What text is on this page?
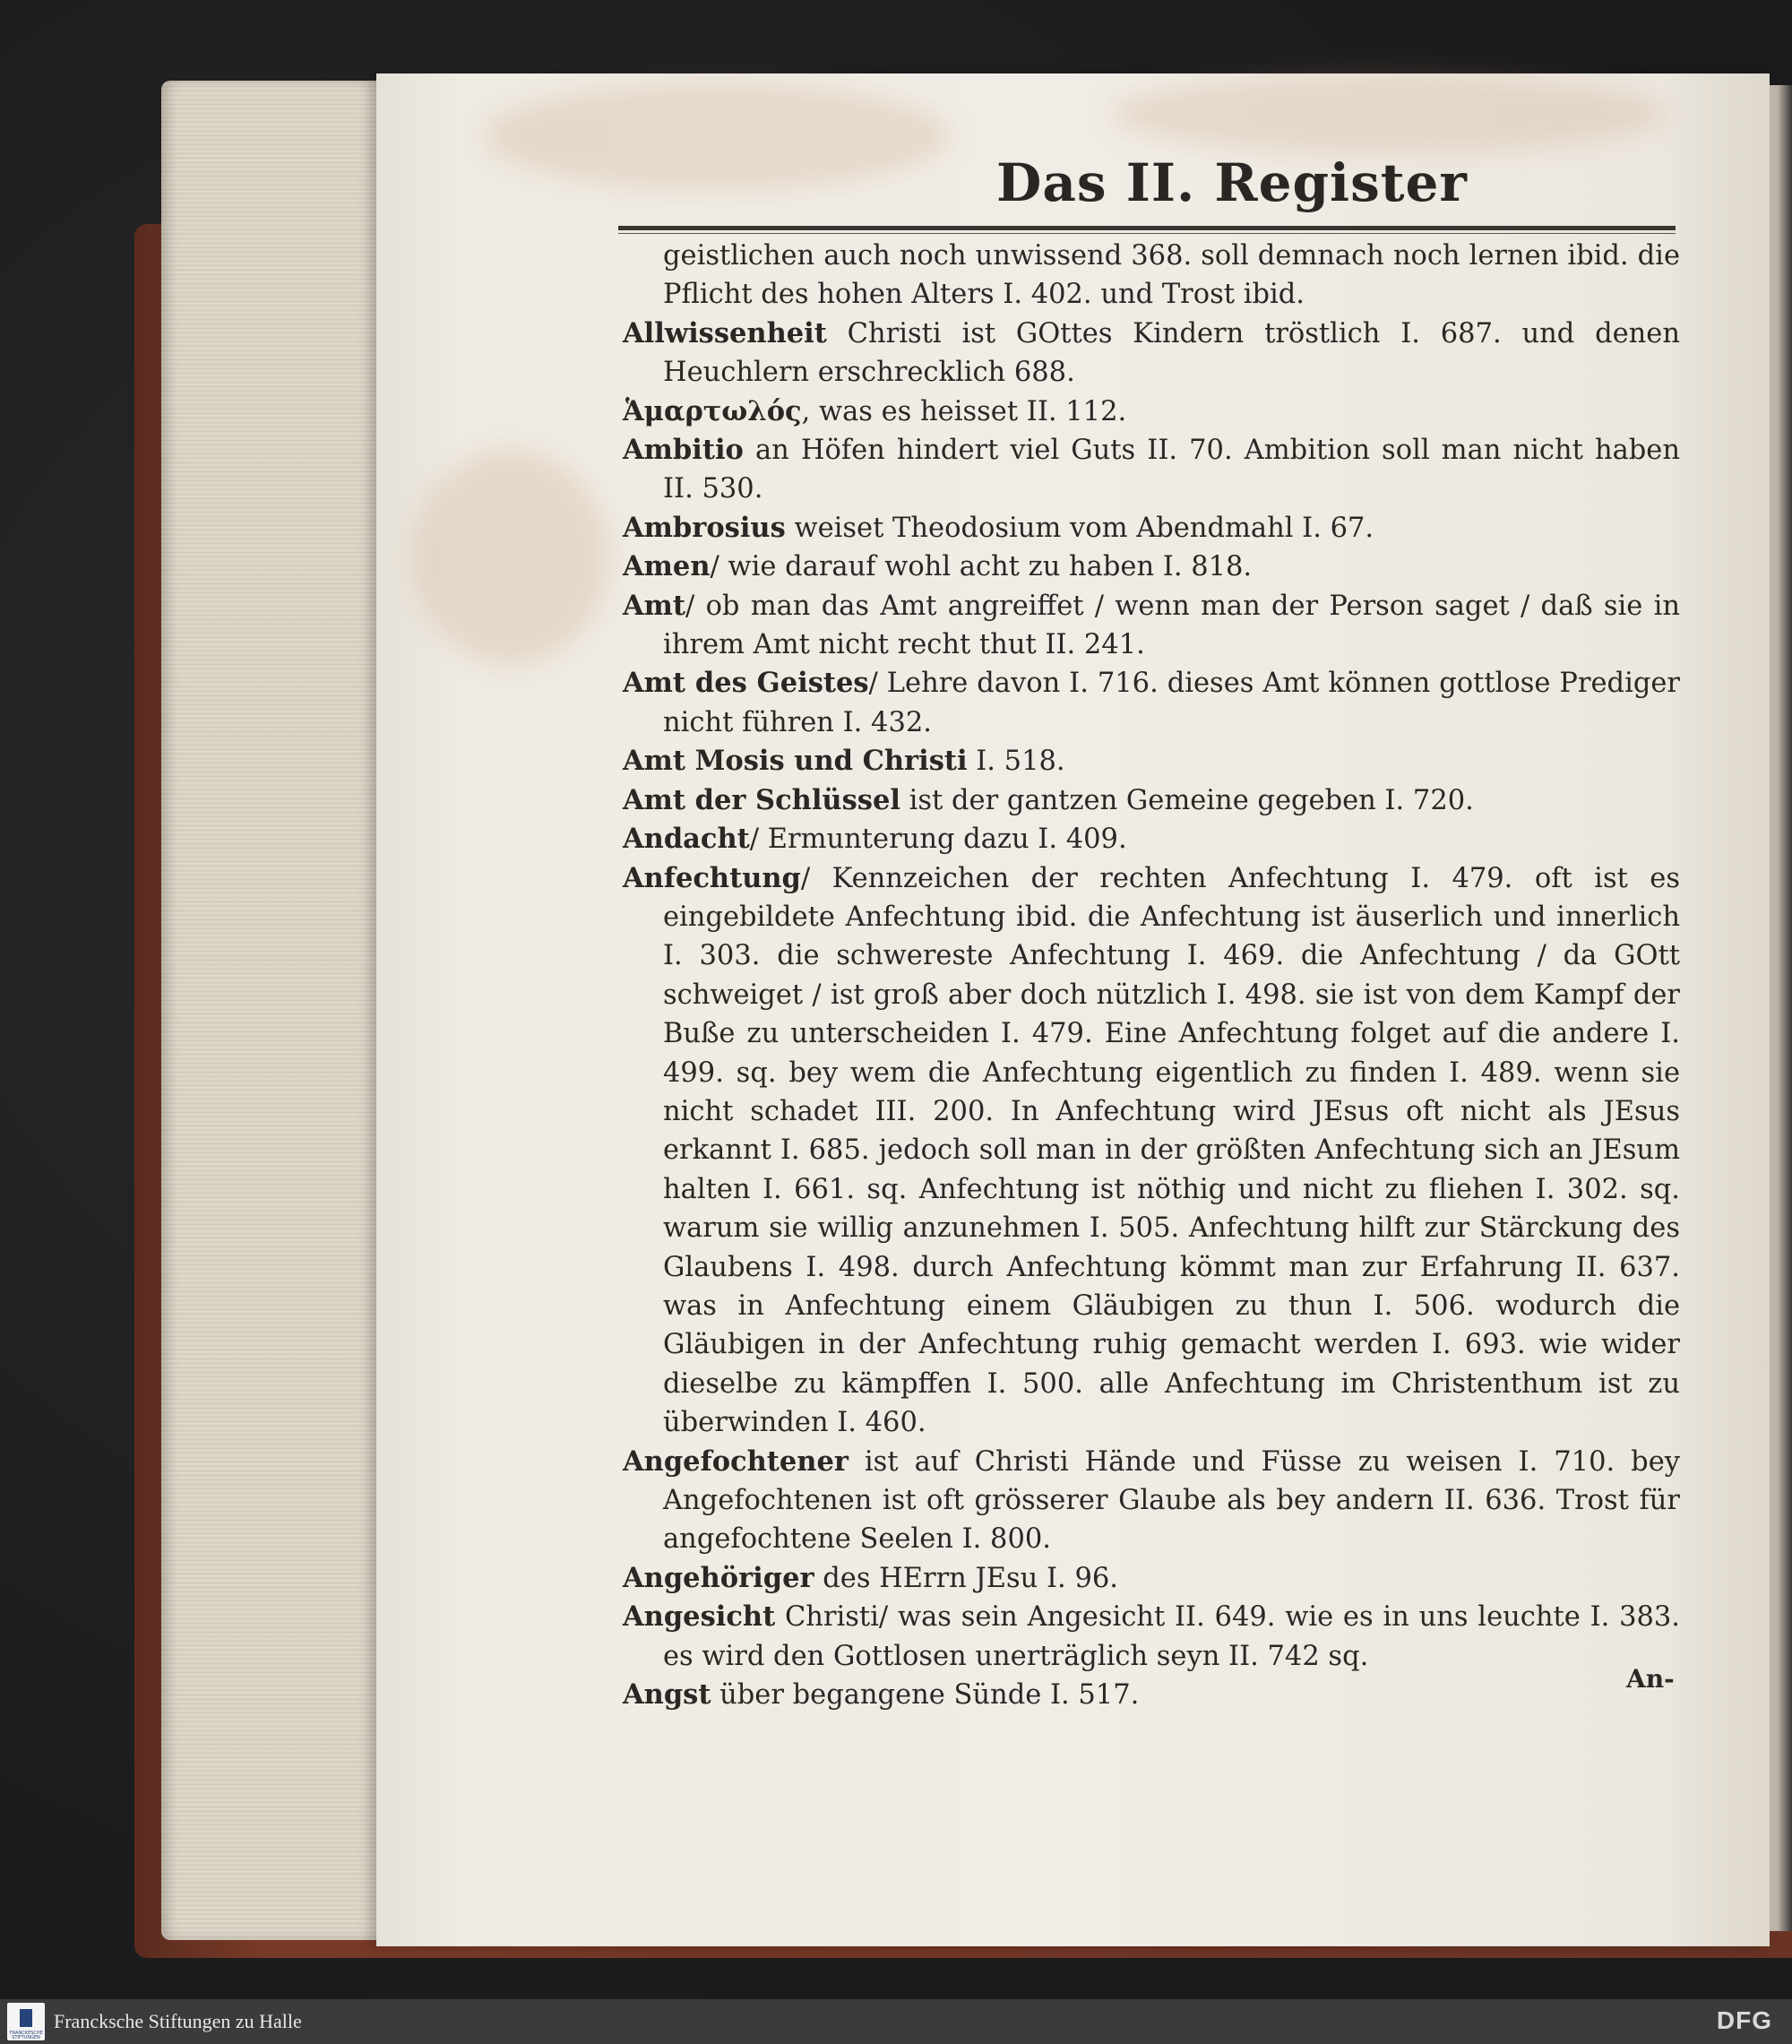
Das II. Register

geistlichen auch noch unwissend 368. soll demnach noch lernen ibid. die Pflicht des hohen Alters I. 402. und Trost ibid.

Allwissenheit Christi ist GOttes Kindern tröstlich I. 687. und denen Heuchlern erschrecklich 688.

Ἁμαρτωλός, was es heisset II. 112.

Ambitio an Höfen hindert viel Guts II. 70. Ambition soll man nicht haben II. 530.

Ambrosius weiset Theodosium vom Abendmahl I. 67.

Amen/ wie darauf wohl acht zu haben I. 818.

Amt/ ob man das Amt angreiffet / wenn man der Person saget / daß sie in ihrem Amt nicht recht thut II. 241.

Amt des Geistes/ Lehre davon I. 716. dieses Amt können gottlose Prediger nicht führen I. 432.

Amt Mosis und Christi I. 518.

Amt der Schlüssel ist der gantzen Gemeine gegeben I. 720.

Andacht/ Ermunterung dazu I. 409.

Anfechtung/ Kennzeichen der rechten Anfechtung I. 479. oft ist es eingebildete Anfechtung ibid. die Anfechtung ist äuserlich und innerlich I. 303. die schwereste Anfechtung I. 469. die Anfechtung / da GOtt schweiget / ist groß aber doch nützlich I. 498. sie ist von dem Kampf der Buße zu unterscheiden I. 479. Eine Anfechtung folget auf die andere I. 499. sq. bey wem die Anfechtung eigentlich zu finden I. 489. wenn sie nicht schadet III. 200. In Anfechtung wird JEsus oft nicht als JEsus erkannt I. 685. jedoch soll man in der größten Anfechtung sich an JEsum halten I. 661. sq. Anfechtung ist nöthig und nicht zu fliehen I. 302. sq. warum sie willig anzunehmen I. 505. Anfechtung hilft zur Stärckung des Glaubens I. 498. durch Anfechtung kömmt man zur Erfahrung II. 637. was in Anfechtung einem Gläubigen zu thun I. 506. wodurch die Gläubigen in der Anfechtung ruhig gemacht werden I. 693. wie wider dieselbe zu kämpffen I. 500. alle Anfechtung im Christenthum ist zu überwinden I. 460.

Angefochtener ist auf Christi Hände und Füsse zu weisen I. 710. bey Angefochtenen ist oft grösserer Glaube als bey andern II. 636. Trost für angefochtene Seelen I. 800.

Angehöriger des HErrn JEsu I. 96.

Angesicht Christi/ was sein Angesicht II. 649. wie es in uns leuchte I. 383. es wird den Gottlosen unerträglich seyn II. 742 sq.

Angst über begangene Sünde I. 517.

An-
FRANCKESCHE STIFTUNGEN
Francksche Stiftungen zu Halle	DFG
